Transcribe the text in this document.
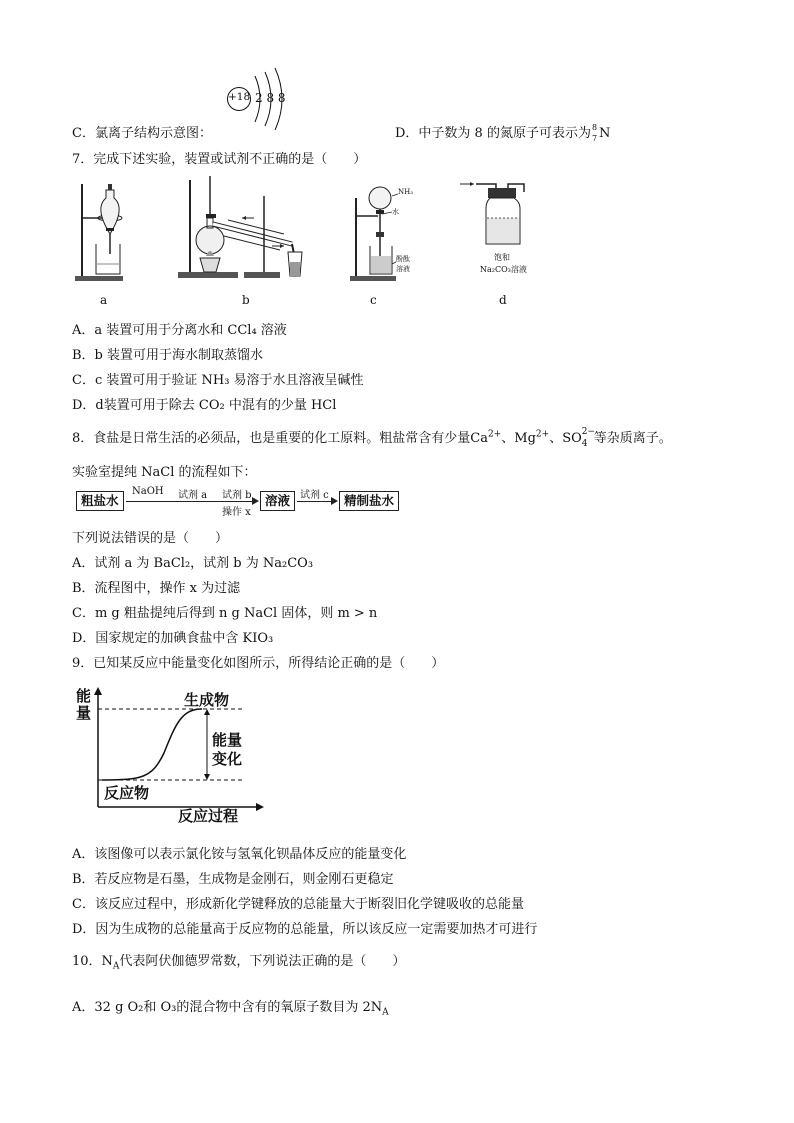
+18 2 8 8
C．氯离子结构示意图：	D．中子数为 8 的氮原子可表示为 8
7 N
7．完成下述实验，装置或试剂不正确的是（　　）
a	b
NH₃
水
酚酞
溶液
c
饱和
Na₂CO₃溶液
d
A．a 装置可用于分离水和 CCl₄ 溶液
B．b 装置可用于海水制取蒸馏水
C．c 装置可用于验证 NH₃ 易溶于水且溶液呈碱性
D．d装置可用于除去 CO₂ 中混有的少量 HCl
8．食盐是日常生活的必须品，也是重要的化工原料。粗盐常含有少量$Ca^{2+}$、$Mg^{2+}$、SO 2−
4 等杂质离子。
实验室提纯 NaCl 的流程如下：
粗盐水
NaOH 试剂 a 试剂 b
操作 x
溶液 试剂 c	精制盐水
下列说法错误的是（　　）
A．试剂 a 为 BaCl₂，试剂 b 为 Na₂CO₃
B．流程图中，操作 x 为过滤
C．m g 粗盐提纯后得到 n g NaCl 固体，则 m > n
D．国家规定的加碘食盐中含 KIO₃
9．已知某反应中能量变化如图所示，所得结论正确的是（　　）
能
量
生成物
反应物
反应过程
能量
变化
A．该图像可以表示氯化铵与氢氧化钡晶体反应的能量变化
B．若反应物是石墨，生成物是金刚石，则金刚石更稳定
C．该反应过程中，形成新化学键释放的总能量大于断裂旧化学键吸收的总能量
D．因为生成物的总能量高于反应物的总能量，所以该反应一定需要加热才可进行
10．$N_A$代表阿伏伽德罗常数，下列说法正确的是（　　）
A．32 g O₂和 O₃的混合物中含有的氧原子数目为 $2N_A$
